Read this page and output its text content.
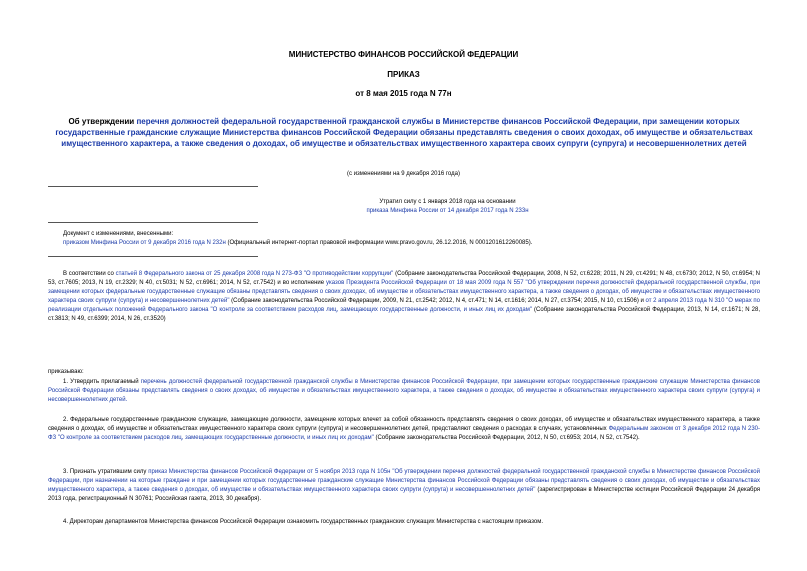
МИНИСТЕРСТВО ФИНАНСОВ РОССИЙСКОЙ ФЕДЕРАЦИИ
ПРИКАЗ
от 8 мая 2015 года N 77н
Об утверждении перечня должностей федеральной государственной гражданской службы в Министерстве финансов Российской Федерации, при замещении которых государственные гражданские служащие Министерства финансов Российской Федерации обязаны представлять сведения о своих доходах, об имуществе и обязательствах имущественного характера, а также сведения о доходах, об имуществе и обязательствах имущественного характера своих супруги (супруга) и несовершеннолетних детей
(с изменениями на 9 декабря 2016 года)
Утратил силу с 1 января 2018 года на основании
приказа Минфина России от 14 декабря 2017 года N 233н
Документ с изменениями, внесенными:
приказом Минфина России от 9 декабря 2016 года N 232н (Официальный интернет-портал правовой информации www.pravo.gov.ru, 26.12.2016, N 0001201612260085).
В соответствии со статьей 8 Федерального закона от 25 декабря 2008 года N 273-ФЗ "О противодействии коррупции" (Собрание законодательства Российской Федерации, 2008, N 52, ст.6228; 2011, N 29, ст.4291; N 48, ст.6730; 2012, N 50, ст.6954; N 53, ст.7605; 2013, N 19, ст.2329; N 40, ст.5031; N 52, ст.6961; 2014, N 52, ст.7542) и во исполнение указов Президента Российской Федерации от 18 мая 2009 года N 557 "Об утверждении перечня должностей федеральной государственной службы, при замещении которых федеральные государственные служащие обязаны представлять сведения о своих доходах, об имуществе и обязательствах имущественного характера, а также сведения о доходах, об имуществе и обязательствах имущественного характера своих супруги (супруга) и несовершеннолетних детей" (Собрание законодательства Российской Федерации, 2009, N 21, ст.2542; 2012, N 4, ст.471; N 14, ст.1616; 2014, N 27, ст.3754; 2015, N 10, ст.1506) и от 2 апреля 2013 года N 310 "О мерах по реализации отдельных положений Федерального закона "О контроле за соответствием расходов лиц, замещающих государственные должности, и иных лиц их доходам" (Собрание законодательства Российской Федерации, 2013, N 14, ст.1671; N 28, ст.3813; N 49, ст.6399; 2014, N 26, ст.3520)
приказываю:
1. Утвердить прилагаемый перечень должностей федеральной государственной гражданской службы в Министерстве финансов Российской Федерации, при замещении которых государственные гражданские служащие Министерства финансов Российской Федерации обязаны представлять сведения о своих доходах, об имуществе и обязательствах имущественного характера, а также сведения о доходах, об имуществе и обязательствах имущественного характера своих супруги (супруга) и несовершеннолетних детей.
2. Федеральные государственные гражданские служащие, замещающие должности, замещение которых влечет за собой обязанность представлять сведения о своих доходах, об имуществе и обязательствах имущественного характера, а также сведения о доходах, об имуществе и обязательствах имущественного характера своих супруги (супруга) и несовершеннолетних детей, представляют сведения о расходах в случаях, установленных Федеральным законом от 3 декабря 2012 года N 230-ФЗ "О контроле за соответствием расходов лиц, замещающих государственные должности, и иных лиц их доходам" (Собрание законодательства Российской Федерации, 2012, N 50, ст.6953; 2014, N 52, ст.7542).
3. Признать утратившим силу приказ Министерства финансов Российской Федерации от 5 ноября 2013 года N 105н "Об утверждении перечня должностей федеральной государственной гражданской службы в Министерстве финансов Российской Федерации, при назначении на которые граждане и при замещении которых государственные гражданские служащие Министерства финансов Российской Федерации обязаны представлять сведения о своих доходах, об имуществе и обязательствах имущественного характера, а также сведения о доходах, об имуществе и обязательствах имущественного характера своих супруги (супруга) и несовершеннолетних детей" (зарегистрирован в Министерстве юстиции Российской Федерации 24 декабря 2013 года, регистрационный N 30761; Российская газета, 2013, 30 декабря).
4. Директорам департаментов Министерства финансов Российской Федерации ознакомить государственных гражданских служащих Министерства с настоящим приказом.
